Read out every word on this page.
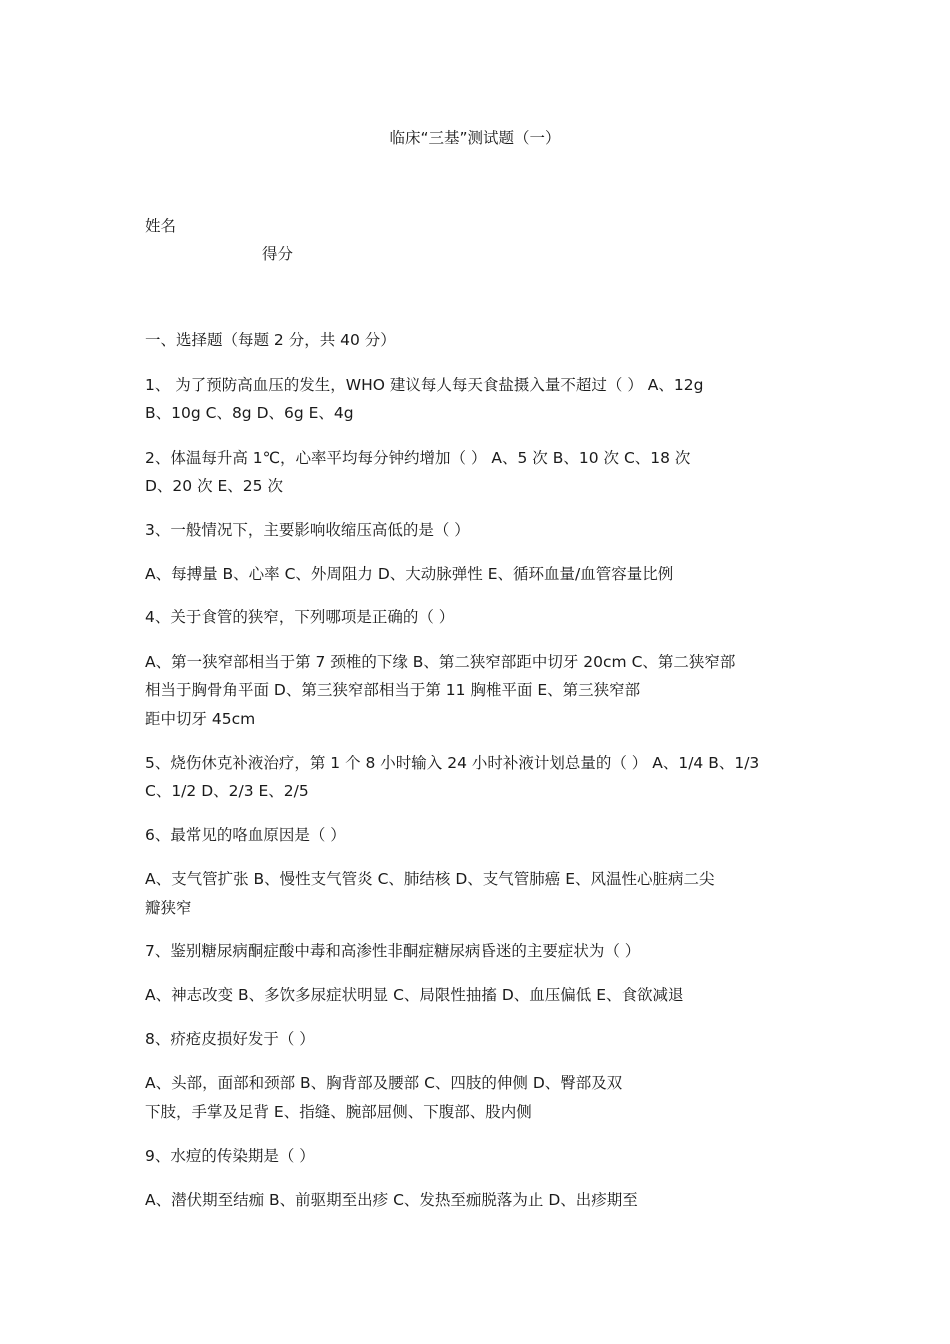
临床“三基”测试题（一）
姓名
得分
一、选择题（每题 2 分，共 40 分）
1、 为了预防高血压的发生，WHO 建议每人每天食盐摄入量不超过（ ） A、12g
B、10g C、8g D、6g E、4g
2、体温每升高 1℃，心率平均每分钟约增加（ ） A、5 次 B、10 次 C、18 次
D、20 次 E、25 次
3、一般情况下，主要影响收缩压高低的是（ ）
A、每搏量 B、心率 C、外周阻力 D、大动脉弹性 E、循环血量/血管容量比例
4、关于食管的狭窄，下列哪项是正确的（ ）
A、第一狭窄部相当于第 7 颈椎的下缘 B、第二狭窄部距中切牙 20cm C、第二狭窄部
相当于胸骨角平面 D、第三狭窄部相当于第 11 胸椎平面 E、第三狭窄部
距中切牙 45cm
5、烧伤休克补液治疗，第 1 个 8 小时输入 24 小时补液计划总量的（ ） A、1/4 B、1/3
C、1/2 D、2/3 E、2/5
6、最常见的咯血原因是（ ）
A、支气管扩张 B、慢性支气管炎 C、肺结核 D、支气管肺癌 E、风温性心脏病二尖
瓣狭窄
7、鉴别糖尿病酮症酸中毒和高渗性非酮症糖尿病昏迷的主要症状为（ ）
A、神志改变 B、多饮多尿症状明显 C、局限性抽搐 D、血压偏低 E、食欲减退
8、疥疮皮损好发于（ ）
A、头部，面部和颈部 B、胸背部及腰部 C、四肢的伸侧 D、臀部及双
下肢，手掌及足背 E、指缝、腕部屈侧、下腹部、股内侧
9、水痘的传染期是（ ）
A、潜伏期至结痂 B、前驱期至出疹 C、发热至痂脱落为止 D、出疹期至
